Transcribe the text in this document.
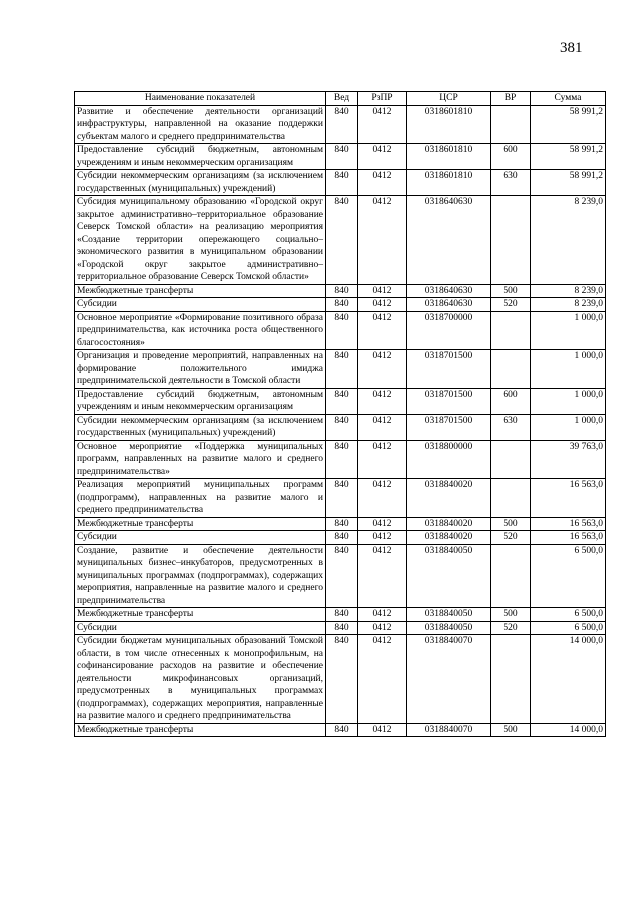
381
Наименование показателей	Вед	РзПР	ЦСР	ВР	Сумма
Развитие и обеспечение деятельности организаций инфраструктуры, направленной на оказание поддержки субъектам малого и среднего предпринимательства	840	0412	0318601810		58 991,2
Предоставление субсидий бюджетным, автономным учреждениям и иным некоммерческим организациям	840	0412	0318601810	600	58 991,2
Субсидии некоммерческим организациям (за исключением государственных (муниципальных) учреждений)	840	0412	0318601810	630	58 991,2
Субсидия муниципальному образованию «Городской округ закрытое административно–территориальное образование Северск Томской области» на реализацию мероприятия «Создание территории опережающего социально–экономического развития в муниципальном образовании «Городской округ закрытое административно–территориальное образование Северск Томской области»	840	0412	0318640630		8 239,0
Межбюджетные трансферты	840	0412	0318640630	500	8 239,0
Субсидии	840	0412	0318640630	520	8 239,0
Основное мероприятие «Формирование позитивного образа предпринимательства, как источника роста общественного благосостояния»	840	0412	0318700000		1 000,0
Организация и проведение мероприятий, направленных на формирование положительного имиджа предпринимательской деятельности в Томской области	840	0412	0318701500		1 000,0
Предоставление субсидий бюджетным, автономным учреждениям и иным некоммерческим организациям	840	0412	0318701500	600	1 000,0
Субсидии некоммерческим организациям (за исключением государственных (муниципальных) учреждений)	840	0412	0318701500	630	1 000,0
Основное мероприятие «Поддержка муниципальных программ, направленных на развитие малого и среднего предпринимательства»	840	0412	0318800000		39 763,0
Реализация мероприятий муниципальных программ (подпрограмм), направленных на развитие малого и среднего предпринимательства	840	0412	0318840020		16 563,0
Межбюджетные трансферты	840	0412	0318840020	500	16 563,0
Субсидии	840	0412	0318840020	520	16 563,0
Создание, развитие и обеспечение деятельности муниципальных бизнес–инкубаторов, предусмотренных в муниципальных программах (подпрограммах), содержащих мероприятия, направленные на развитие малого и среднего предпринимательства	840	0412	0318840050		6 500,0
Межбюджетные трансферты	840	0412	0318840050	500	6 500,0
Субсидии	840	0412	0318840050	520	6 500,0
Субсидии бюджетам муниципальных образований Томской области, в том числе отнесенных к монопрофильным, на софинансирование расходов на развитие и обеспечение деятельности микрофинансовых организаций, предусмотренных в муниципальных программах (подпрограммах), содержащих мероприятия, направленные на развитие малого и среднего предпринимательства	840	0412	0318840070		14 000,0
Межбюджетные трансферты	840	0412	0318840070	500	14 000,0
